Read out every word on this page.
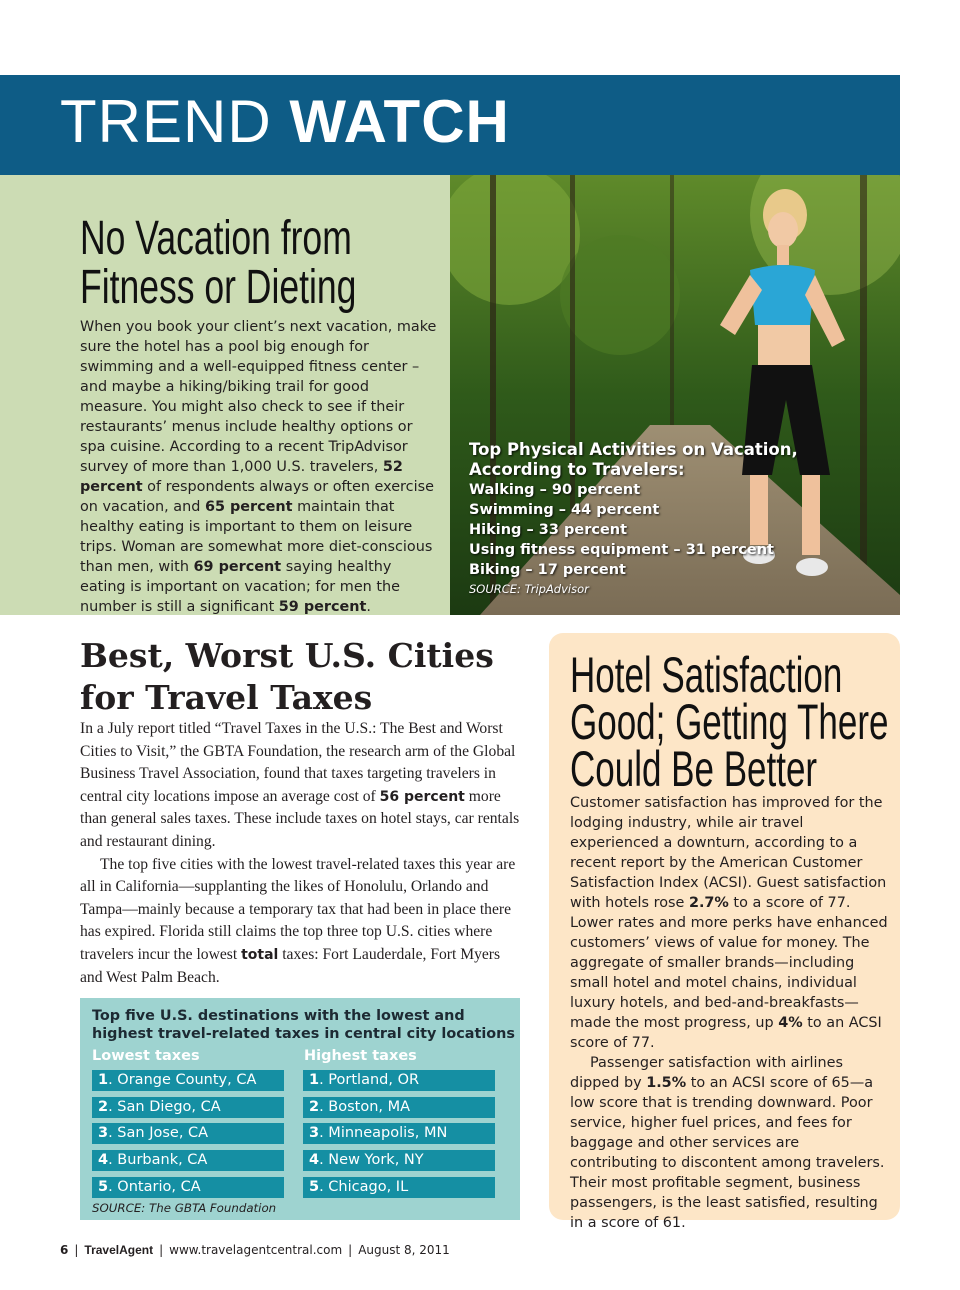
TREND WATCH
No Vacation from
Fitness or Dieting
When you book your client’s next vacation, make sure the hotel has a pool big enough for swimming and a well-equipped fitness center – and maybe a hiking/biking trail for good measure. You might also check to see if their restaurants’ menus include healthy options or spa cuisine. According to a recent TripAdvisor survey of more than 1,000 U.S. travelers, 52 percent of respondents always or often exercise on vacation, and 65 percent maintain that healthy eating is important to them on leisure trips. Woman are somewhat more diet-conscious than men, with 69 percent saying healthy eating is important on vacation; for men the number is still a significant 59 percent.
Top Physical Activities on Vacation, According to Travelers:
Walking – 90 percent
Swimming – 44 percent
Hiking – 33 percent
Using fitness equipment – 31 percent
Biking – 17 percent
SOURCE: TripAdvisor
Best, Worst U.S. Cities for Travel Taxes

In a July report titled “Travel Taxes in the U.S.: The Best and Worst Cities to Visit,” the GBTA Foundation, the research arm of the Global Business Travel Association, found that taxes targeting travelers in central city locations impose an average cost of 56 percent more than general sales taxes. These include taxes on hotel stays, car rentals and restaurant dining.

The top five cities with the lowest travel-related taxes this year are all in California—supplanting the likes of Honolulu, Orlando and Tampa—mainly because a temporary tax that had been in place there has expired. Florida still claims the top three top U.S. cities where travelers incur the lowest total taxes: Fort Lauderdale, Fort Myers and West Palm Beach.

Top five U.S. destinations with the lowest and highest travel-related taxes in central city locations
Lowest taxes	Highest taxes
1. Orange County, CA
2. San Diego, CA
3. San Jose, CA
4. Burbank, CA
5. Ontario, CA
1. Portland, OR
2. Boston, MA
3. Minneapolis, MN
4. New York, NY
5. Chicago, IL
SOURCE: The GBTA Foundation
Hotel Satisfaction
Good; Getting There
Could Be Better

Customer satisfaction has improved for the lodging industry, while air travel experienced a downturn, according to a recent report by the American Customer Satisfaction Index (ACSI). Guest satisfaction with hotels rose 2.7% to a score of 77. Lower rates and more perks have enhanced customers’ views of value for money. The aggregate of smaller brands—including small hotel and motel chains, individual luxury hotels, and bed-and-breakfasts—made the most progress, up 4% to an ACSI score of 77.

Passenger satisfaction with airlines dipped by 1.5% to an ACSI score of 65—a low score that is trending downward. Poor service, higher fuel prices, and fees for baggage and other services are contributing to discontent among travelers. Their most profitable segment, business passengers, is the least satisfied, resulting in a score of 61.

6 | TravelAgent | www.travelagentcentral.com | August 8, 2011
